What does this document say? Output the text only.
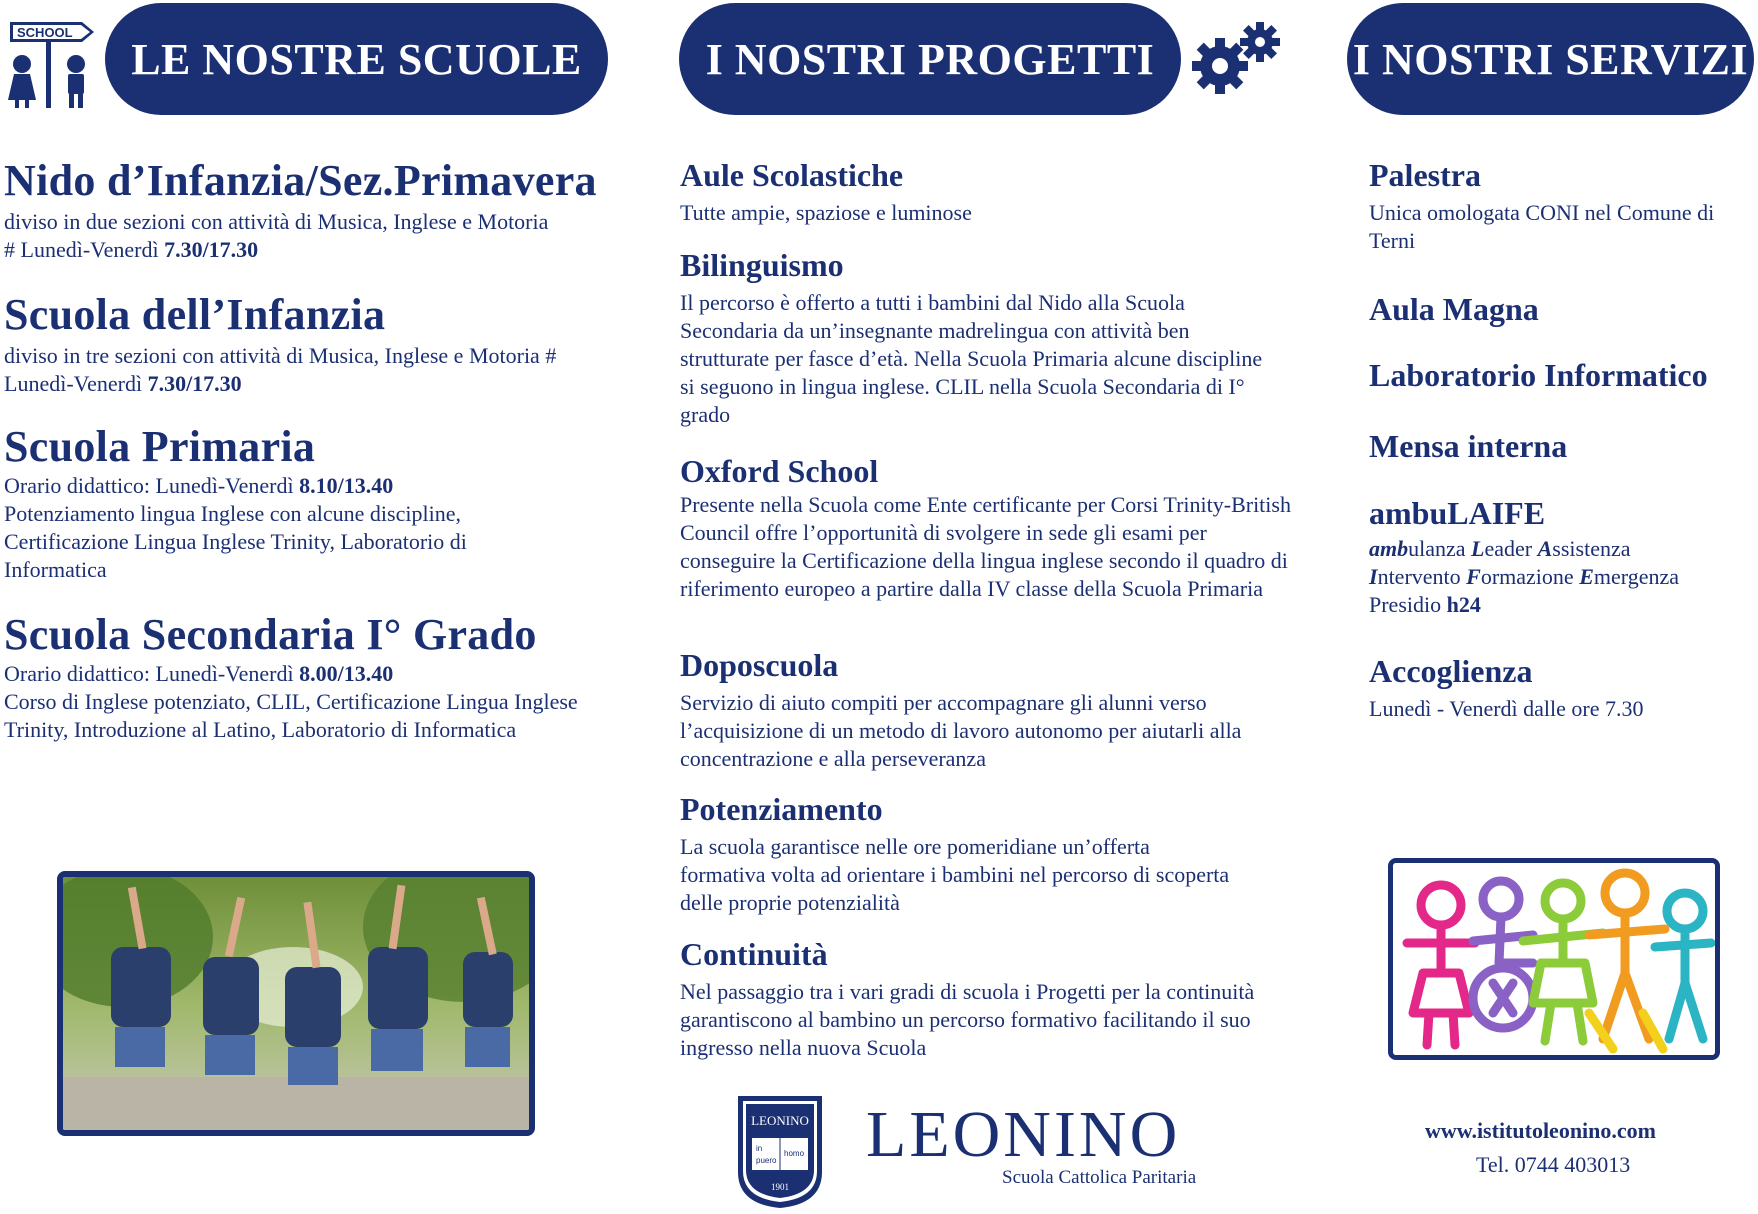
SCHOOL
LE NOSTRE SCUOLE	I NOSTRI PROGETTI	I NOSTRI SERVIZI
Nido d’Infanzia/Sez.Primavera
diviso in due sezioni con attività di Musica, Inglese e Motoria # Lunedì-Venerdì 7.30/17.30
Scuola dell’Infanzia
diviso in tre sezioni con attività di Musica, Inglese e Motoria # Lunedì-Venerdì 7.30/17.30
Scuola Primaria
Orario didattico: Lunedì-Venerdì 8.10/13.40
Potenziamento lingua Inglese con alcune discipline, Certificazione Lingua Inglese Trinity, Laboratorio di Informatica
Scuola Secondaria I° Grado
Orario didattico: Lunedì-Venerdì 8.00/13.40
Corso di Inglese potenziato, CLIL, Certificazione Lingua Inglese Trinity, Introduzione al Latino, Laboratorio di Informatica
Aule Scolastiche
Tutte ampie, spaziose e luminose
Bilinguismo
Il percorso è offerto a tutti i bambini dal Nido alla Scuola Secondaria da un’insegnante madrelingua con attività ben strutturate per fasce d’età. Nella Scuola Primaria alcune discipline si seguono in lingua inglese. CLIL nella Scuola Secondaria di I° grado
Oxford School
Presente nella Scuola come Ente certificante per Corsi Trinity-British Council offre l’opportunità di svolgere in sede gli esami per conseguire la Certificazione della lingua inglese secondo il quadro di riferimento europeo a partire dalla IV classe della Scuola Primaria
Doposcuola
Servizio di aiuto compiti per accompagnare gli alunni verso l’acquisizione di un metodo di lavoro autonomo per aiutarli alla concentrazione e alla perseveranza
Potenziamento
La scuola garantisce nelle ore pomeridiane un’offerta formativa volta ad orientare i bambini nel percorso di scoperta delle proprie potenzialità
Continuità
Nel passaggio tra i vari gradi di scuola i Progetti per la continuità garantiscono al bambino un percorso formativo facilitando il suo ingresso nella nuova Scuola
LEONINO
in
puero
homo
1901
LEONINO
Scuola Cattolica Paritaria
Palestra
Unica omologata CONI nel Comune di Terni
Aula Magna
Laboratorio Informatico
Mensa interna
ambuLAIFE
ambulanza Leader Assistenza
Intervento Formazione Emergenza
Presidio h24
Accoglienza
Lunedì - Venerdì dalle ore 7.30
www.istitutoleonino.com
Tel. 0744 403013
